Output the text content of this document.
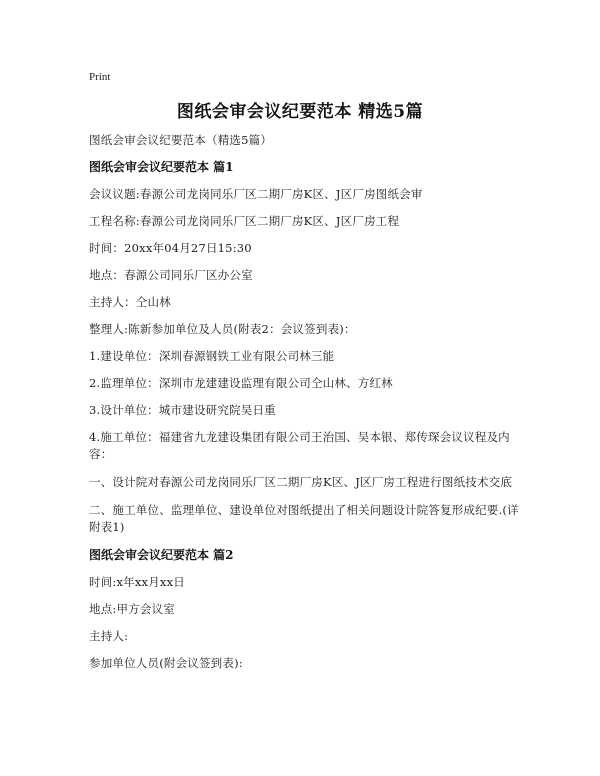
Print
图纸会审会议纪要范本 精选5篇

图纸会审会议纪要范本（精选5篇）

图纸会审会议纪要范本 篇1

会议议题:春源公司龙岗同乐厂区二期厂房K区、J区厂房图纸会审

工程名称:春源公司龙岗同乐厂区二期厂房K区、J区厂房工程

时间：20xx年04月27日15:30

地点：春源公司同乐厂区办公室

主持人：仝山林

整理人:陈新参加单位及人员(附表2：会议签到表)：

1.建设单位：深圳春源钢铁工业有限公司林三能

2.监理单位：深圳市龙建建设监理有限公司仝山林、方红林

3.设计单位：城市建设研究院吴日重

4.施工单位：福建省九龙建设集团有限公司王治国、吴本银、郑传琛会议议程及内容：

一、设计院对春源公司龙岗同乐厂区二期厂房K区、J区厂房工程进行图纸技术交底

二、施工单位、监理单位、建设单位对图纸提出了相关问题设计院答复形成纪要.(详附表1)

图纸会审会议纪要范本 篇2

时间:x年xx月xx日

地点:甲方会议室

主持人:

参加单位人员(附会议签到表):
